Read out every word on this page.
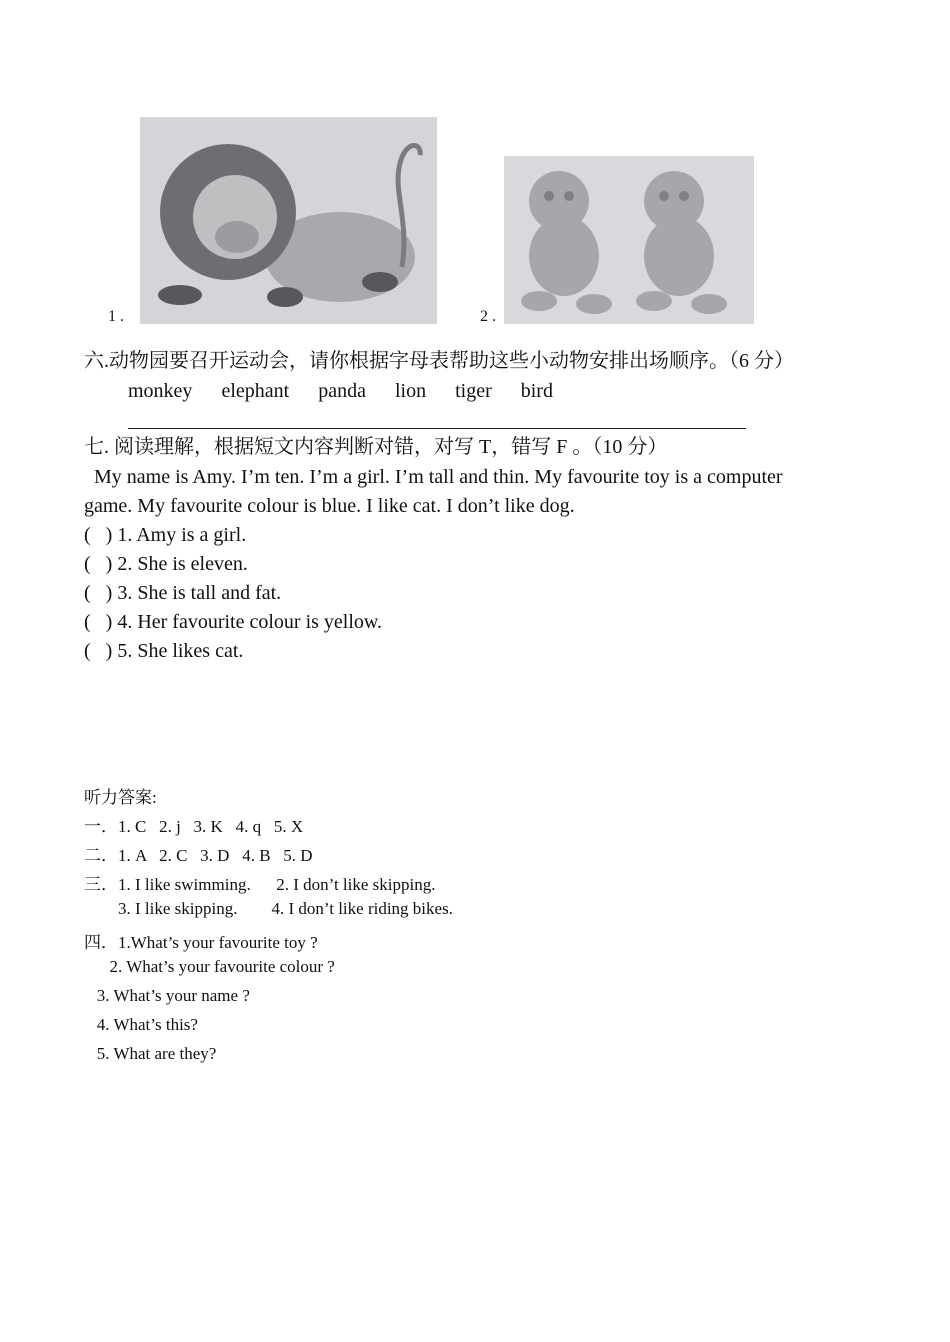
1 .	2 .
六.动物园要召开运动会，请你根据字母表帮助这些小动物安排出场顺序。（6 分）
monkey elephant panda lion tiger bird
七. 阅读理解，根据短文内容判断对错，对写 T，错写 F 。（10 分）
My name is Amy. I’m ten. I’m a girl. I’m tall and thin. My favourite toy is a computer
game. My favourite colour is blue. I like cat. I don’t like dog.
(   ) 1. Amy is a girl.
(   ) 2. She is eleven.
(   ) 3. She is tall and fat.
(   ) 4. Her favourite colour is yellow.
(   ) 5. She likes cat.
听力答案:
一．1. C   2. j   3. K   4. q   5. X
二．1. A   2. C   3. D   4. B   5. D
三．1. I like swimming.      2. I don’t like skipping.
3. I like skipping.        4. I don’t like riding bikes.
四．1.What’s your favourite toy ?
2. What’s your favourite colour ?
3. What’s your name ?
4. What’s this?
5. What are they?
